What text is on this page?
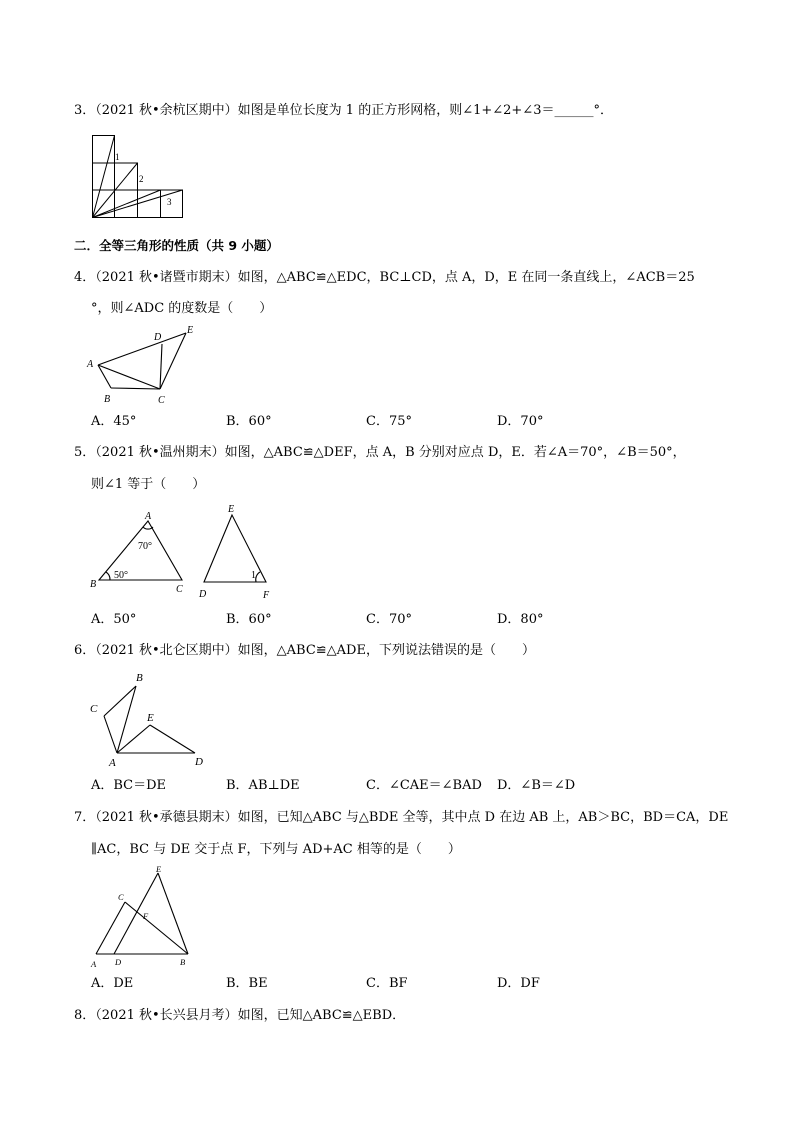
3．（2021 秋•余杭区期中）如图是单位长度为 1 的正方形网格，则∠1+∠2+∠3＝______°．
1
2
3
二．全等三角形的性质（共 9 小题）
4．（2021 秋•诸暨市期末）如图，△ABC≌△EDC，BC⊥CD，点 A，D，E 在同一条直线上，∠ACB＝25
°，则∠ADC 的度数是（　　）
A
B	C
D
E
A．45°	B．60°	C．75°	D．70°
5．（2021 秋•温州期末）如图，△ABC≌△DEF，点 A，B 分别对应点 D，E．若∠A＝70°，∠B＝50°，
则∠1 等于（　　）
A
B	C
70°
50°
E
D	F
1
A．50°	B．60°	C．70°	D．80°
6．（2021 秋•北仑区期中）如图，△ABC≌△ADE，下列说法错误的是（　　）
A
B
C
D
E
A．BC＝DE	B．AB⊥DE	C．∠CAE＝∠BAD D．∠B＝∠D
7．（2021 秋•承德县期末）如图，已知△ABC 与△BDE 全等，其中点 D 在边 AB 上，AB＞BC，BD＝CA，DE
∥AC，BC 与 DE 交于点 F，下列与 AD+AC 相等的是（　　）
A	B
C
D
E
F
A．DE	B．BE	C．BF	D．DF
8．（2021 秋•长兴县月考）如图，已知△ABC≌△EBD．
